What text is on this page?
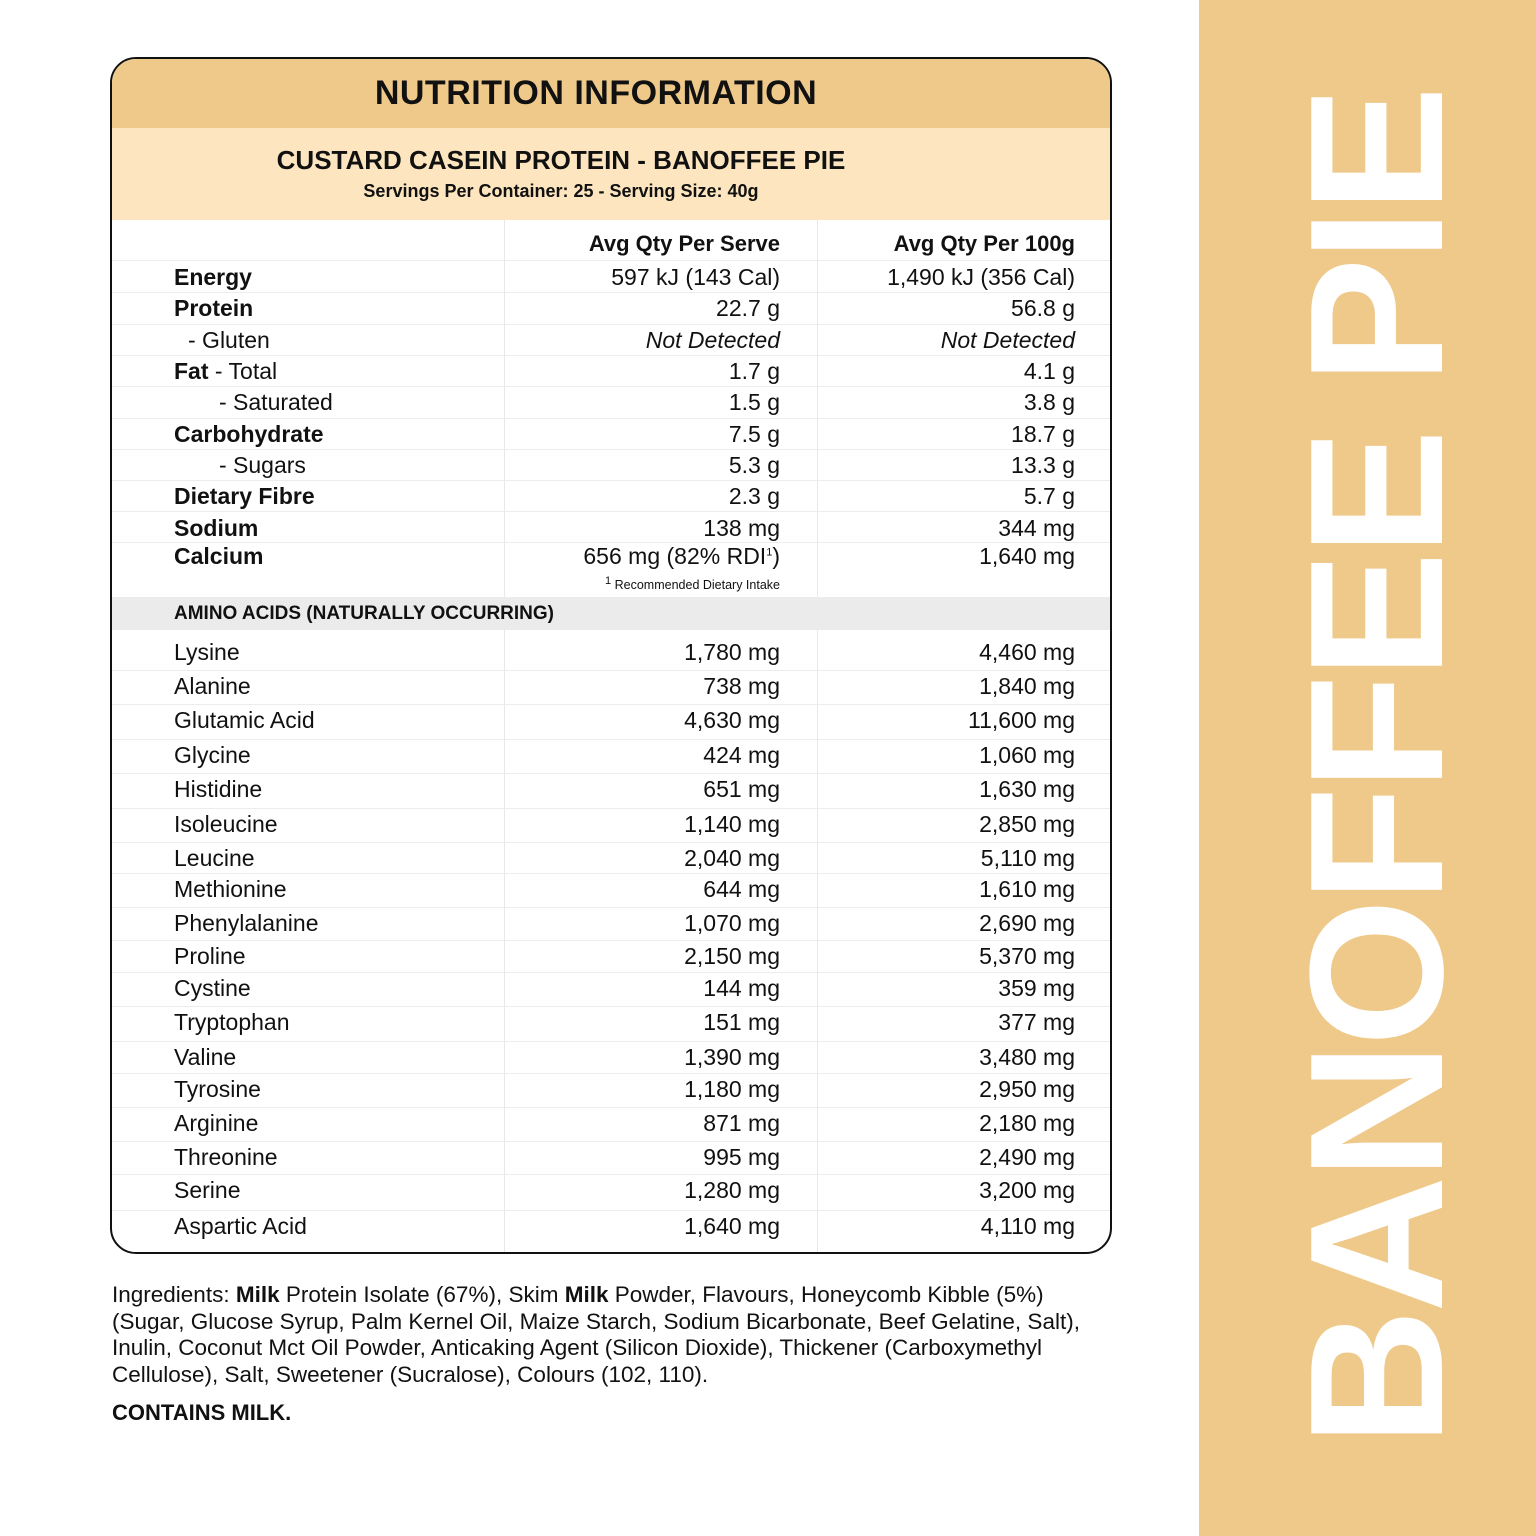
BANOFFEE PIE
NUTRITION INFORMATION
CUSTARD CASEIN PROTEIN - BANOFFEE PIE
Servings Per Container: 25 - Serving Size: 40g
Avg Qty Per Serve	Avg Qty Per 100g
Energy	597 kJ (143 Cal)	1,490 kJ (356 Cal)
Protein	22.7 g	56.8 g
- Gluten	Not Detected	Not Detected
Fat - Total	1.7 g	4.1 g
- Saturated	1.5 g	3.8 g
Carbohydrate	7.5 g	18.7 g
- Sugars	5.3 g	13.3 g
Dietary Fibre	2.3 g	5.7 g
Sodium	138 mg	344 mg
Calcium	656 mg (82% RDI$^1$)	1,640 mg
$^1$ Recommended Dietary Intake
AMINO ACIDS (NATURALLY OCCURRING)
Lysine	1,780 mg	4,460 mg
Alanine	738 mg	1,840 mg
Glutamic Acid	4,630 mg	11,600 mg
Glycine	424 mg	1,060 mg
Histidine	651 mg	1,630 mg
Isoleucine	1,140 mg	2,850 mg
Leucine	2,040 mg	5,110 mg
Methionine	644 mg	1,610 mg
Phenylalanine	1,070 mg	2,690 mg
Proline	2,150 mg	5,370 mg
Cystine	144 mg	359 mg
Tryptophan	151 mg	377 mg
Valine	1,390 mg	3,480 mg
Tyrosine	1,180 mg	2,950 mg
Arginine	871 mg	2,180 mg
Threonine	995 mg	2,490 mg
Serine	1,280 mg	3,200 mg
Aspartic Acid	1,640 mg	4,110 mg
Ingredients: Milk Protein Isolate (67%), Skim Milk Powder, Flavours, Honeycomb Kibble (5%) (Sugar, Glucose Syrup, Palm Kernel Oil, Maize Starch, Sodium Bicarbonate, Beef Gelatine, Salt), Inulin, Coconut Mct Oil Powder, Anticaking Agent (Silicon Dioxide), Thickener (Carboxymethyl Cellulose), Salt, Sweetener (Sucralose), Colours (102, 110).
CONTAINS MILK.
